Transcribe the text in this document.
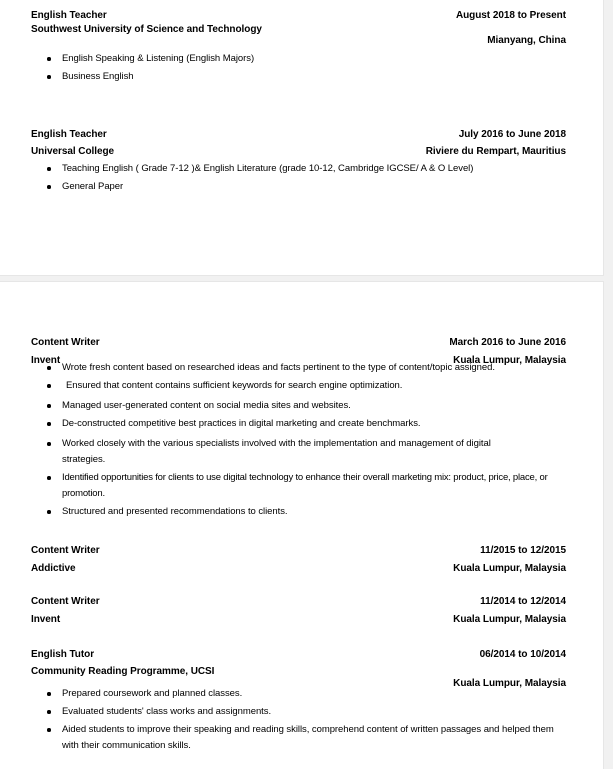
English Teacher
Southwest University of Science and Technology
August 2018 to Present
Mianyang, China
English Speaking & Listening (English Majors)
Business English
English Teacher
Universal College
July 2016 to June 2018
Riviere du Rempart, Mauritius
Teaching English ( Grade 7-12 )& English Literature (grade 10-12, Cambridge IGCSE/ A & O Level)
General Paper
Content Writer
Invent
March 2016 to June 2016
Kuala Lumpur, Malaysia
Wrote fresh content based on researched ideas and facts pertinent to the type of content/topic assigned.
Ensured that content contains sufficient keywords for search engine optimization.
Managed user-generated content on social media sites and websites.
De-constructed competitive best practices in digital marketing and create benchmarks.
Worked closely with the various specialists involved with the implementation and management of digital strategies.
Identified opportunities for clients to use digital technology to enhance their overall marketing mix: product, price, place, or promotion.
Structured and presented recommendations to clients.
Content Writer
Addictive
11/2015 to 12/2015
Kuala Lumpur, Malaysia
Content Writer
Invent
11/2014 to 12/2014
Kuala Lumpur, Malaysia
English Tutor
Community Reading Programme, UCSI
06/2014 to 10/2014
Kuala Lumpur, Malaysia
Prepared coursework and planned classes.
Evaluated students' class works and assignments.
Aided students to improve their speaking and reading skills, comprehend content of written passages and helped them with their communication skills.
